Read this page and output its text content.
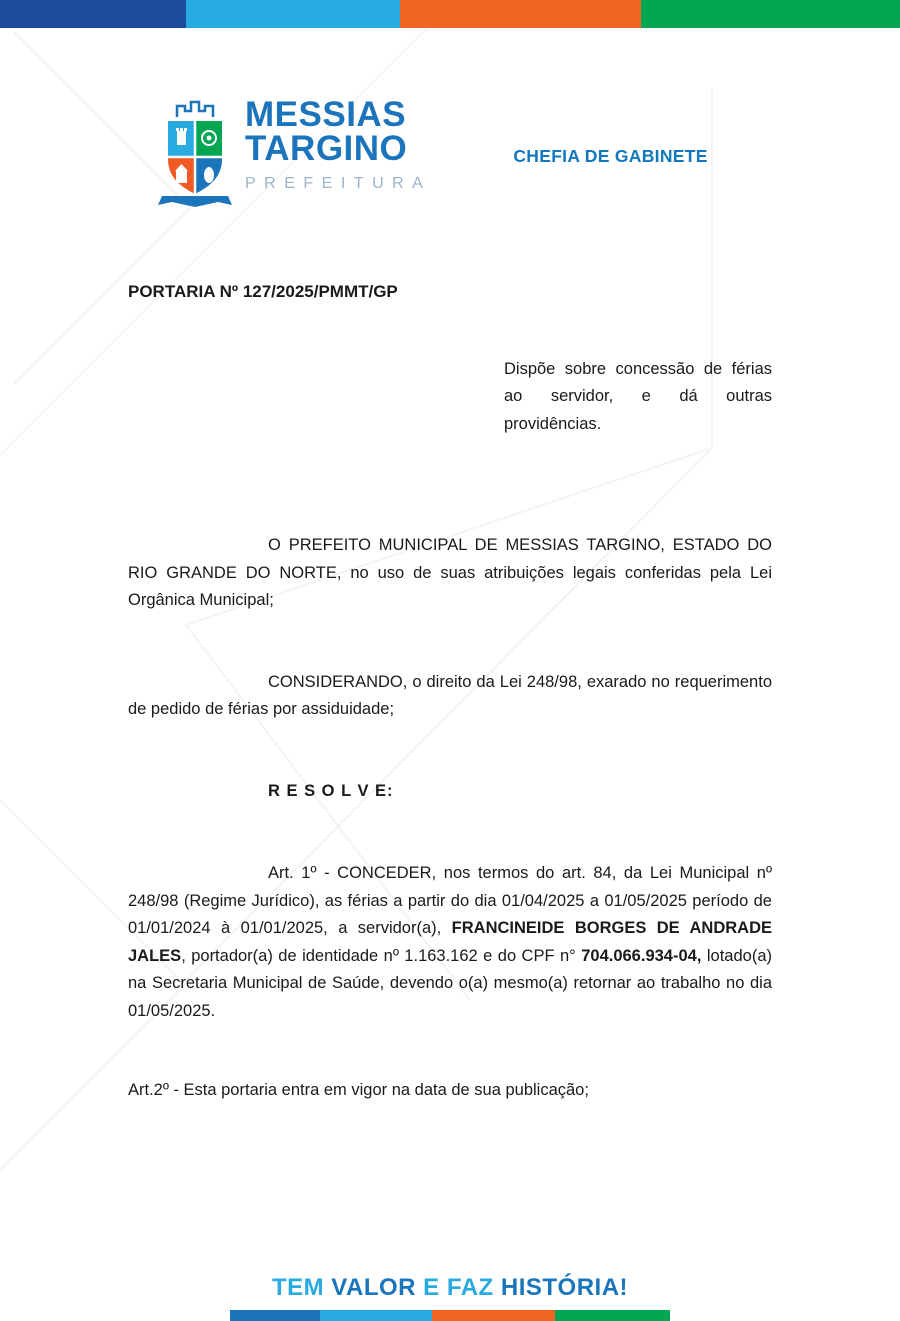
MESSIAS
TARGINO
PREFEITURA
CHEFIA DE GABINETE
PORTARIA Nº 127/2025/PMMT/GP
Dispõe sobre concessão de férias ao servidor, e dá outras providências.

O PREFEITO MUNICIPAL DE MESSIAS TARGINO, ESTADO DO RIO GRANDE DO NORTE, no uso de suas atribuições legais conferidas pela Lei Orgânica Municipal;

CONSIDERANDO, o direito da Lei 248/98, exarado no requerimento de pedido de férias por assiduidade;

R E S O L V E:

Art. 1º - CONCEDER, nos termos do art. 84, da Lei Municipal nº 248/98 (Regime Jurídico), as férias a partir do dia 01/04/2025 a 01/05/2025 período de 01/01/2024 à 01/01/2025, a servidor(a), FRANCINEIDE BORGES DE ANDRADE JALES, portador(a) de identidade nº 1.163.162 e do CPF n° 704.066.934-04, lotado(a) na Secretaria Municipal de Saúde, devendo o(a) mesmo(a) retornar ao trabalho no dia 01/05/2025.

Art.2º - Esta portaria entra em vigor na data de sua publicação;

TEM VALOR E FAZ HISTÓRIA!
